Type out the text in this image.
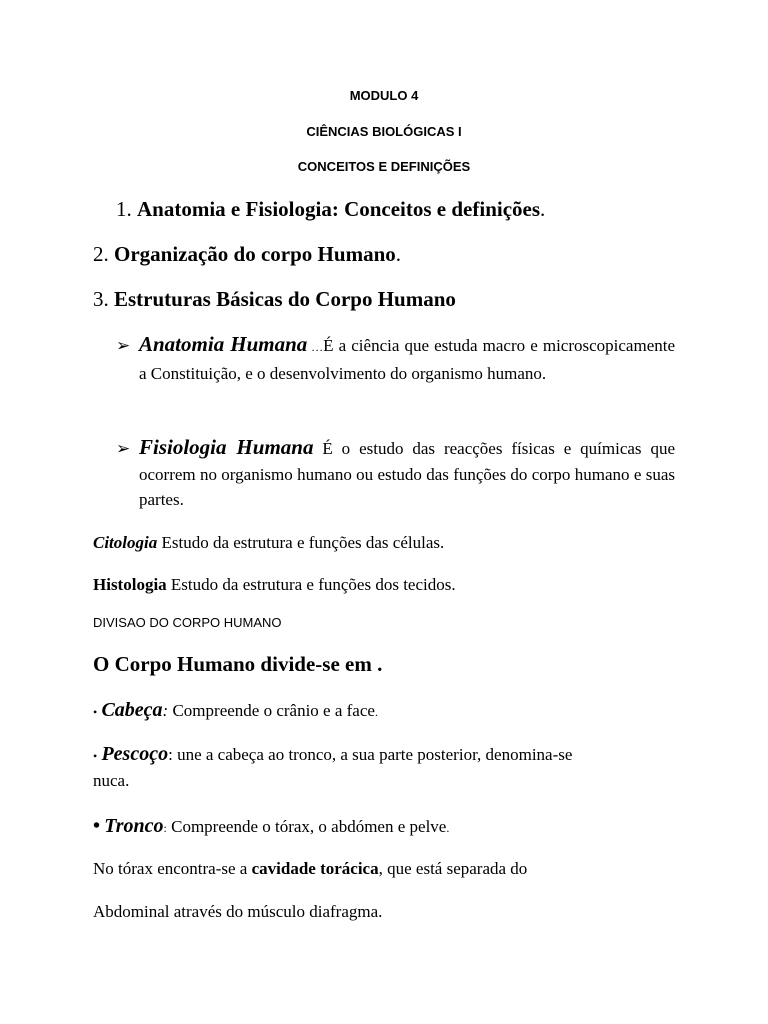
MODULO 4
CIÊNCIAS BIOLÓGICAS I
CONCEITOS E DEFINIÇÕES
1. Anatomia e Fisiologia: Conceitos e definições.
2. Organização do corpo Humano.
3. Estruturas Básicas do Corpo Humano
➢ Anatomia Humana …É a ciência que estuda macro e microscopicamente a Constituição, e o desenvolvimento do organismo humano.
➢ Fisiologia Humana É o estudo das reacções físicas e químicas que ocorrem no organismo humano ou estudo das funções do corpo humano e suas partes.
Citologia Estudo da estrutura e funções das células.
Histologia Estudo da estrutura e funções dos tecidos.
DIVISAO DO CORPO HUMANO
O Corpo Humano divide-se em .
• Cabeça: Compreende o crânio e a face.
• Pescoço: une a cabeça ao tronco, a sua parte posterior, denomina-se
nuca.
• Tronco: Compreende o tórax, o abdómen e pelve.
No tórax encontra-se a cavidade torácica, que está separada do
Abdominal através do músculo diafragma.
